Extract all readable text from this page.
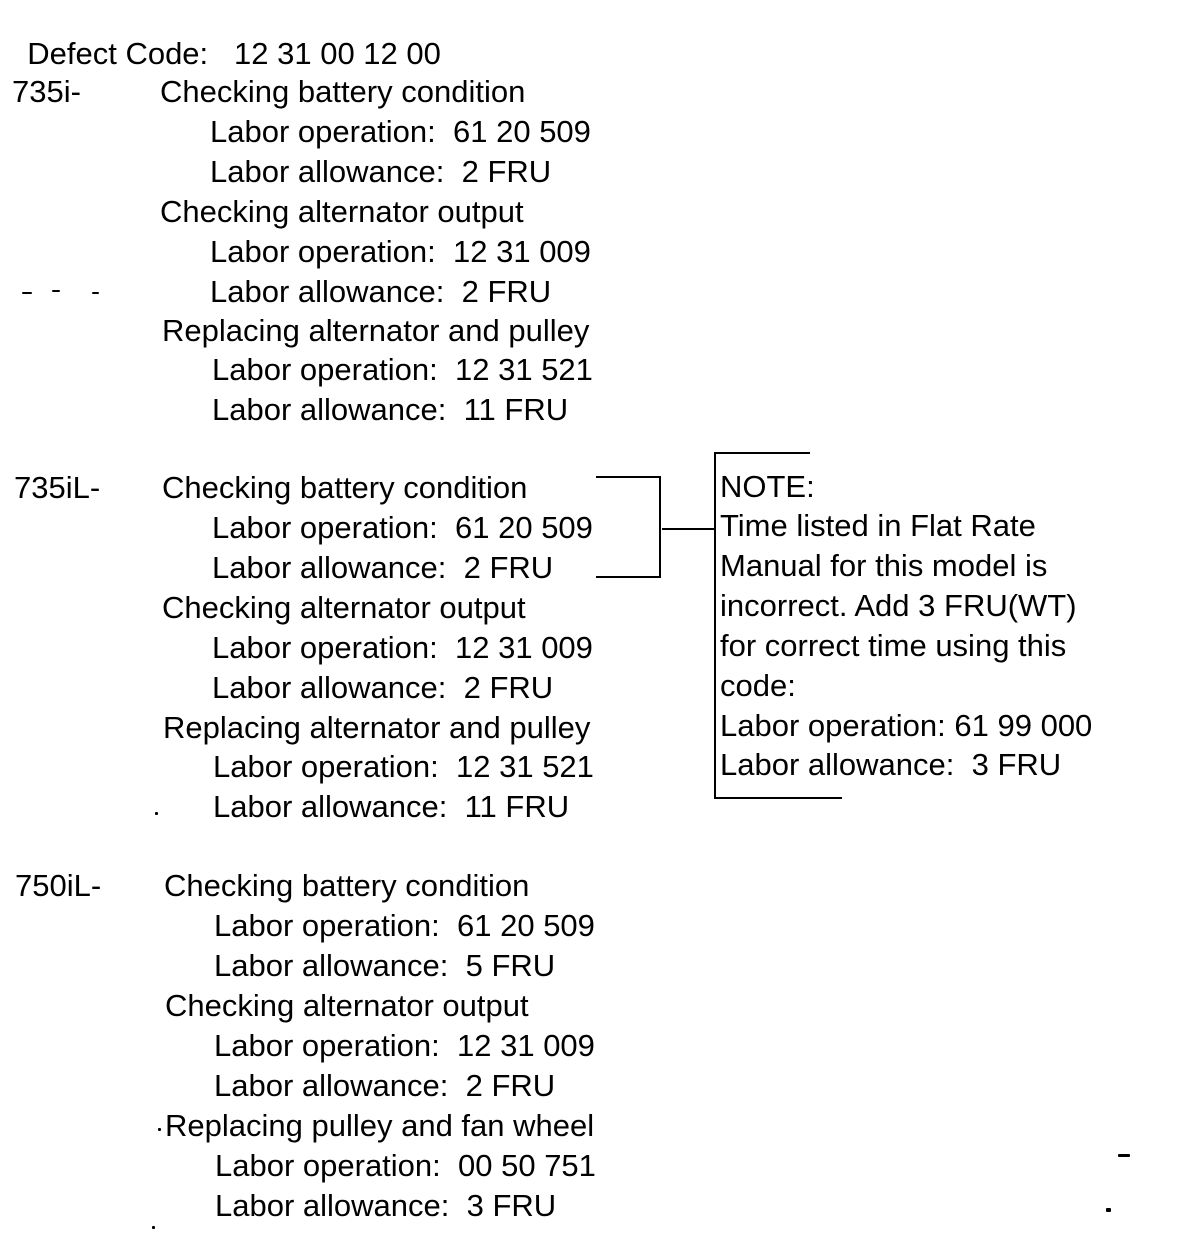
Defect Code: 12 31 00 12 00

735i-	Checking battery condition
Labor operation:  61 20 509
Labor allowance:  2 FRU
Checking alternator output
Labor operation:  12 31 009
Labor allowance:  2 FRU
Replacing alternator and pulley
Labor operation:  12 31 521
Labor allowance:  11 FRU
735iL- Checking battery condition
Labor operation:  61 20 509
Labor allowance:  2 FRU
Checking alternator output
Labor operation:  12 31 009
Labor allowance:  2 FRU
Replacing alternator and pulley
Labor operation:  12 31 521
Labor allowance:  11 FRU
NOTE:
Time listed in Flat Rate
Manual for this model is
incorrect. Add 3 FRU(WT)
for correct time using this
code:
Labor operation: 61 99 000
Labor allowance:  3 FRU
750iL- Checking battery condition
Labor operation:  61 20 509
Labor allowance:  5 FRU
Checking alternator output
Labor operation:  12 31 009
Labor allowance:  2 FRU
Replacing pulley and fan wheel
Labor operation:  00 50 751
Labor allowance:  3 FRU
